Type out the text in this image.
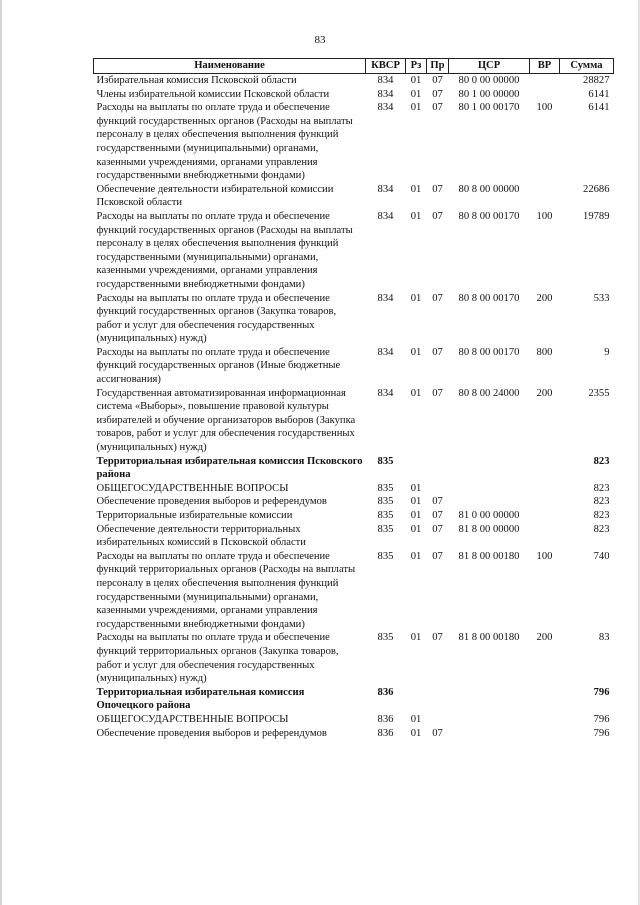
83
Наименование	КВСР	Рз	Пр	ЦСР	ВР	Сумма
Избирательная комиссия Псковской области	834	01	07	80 0 00 00000		28827
Члены избирательной комиссии Псковской области	834	01	07	80 1 00 00000		6141
Расходы на выплаты по оплате труда и обеспечение функций государственных органов (Расходы на выплаты персоналу в целях обеспечения выполнения функций государственными (муниципальными) органами, казенными учреждениями, органами управления государственными внебюджетными фондами)	834	01	07	80 1 00 00170	100	6141
Обеспечение деятельности избирательной комиссии Псковской области	834	01	07	80 8 00 00000		22686
Расходы на выплаты по оплате труда и обеспечение функций государственных органов (Расходы на выплаты персоналу в целях обеспечения выполнения функций государственными (муниципальными) органами, казенными учреждениями, органами управления государственными внебюджетными фондами)	834	01	07	80 8 00 00170	100	19789
Расходы на выплаты по оплате труда и обеспечение функций государственных органов (Закупка товаров, работ и услуг для обеспечения государственных (муниципальных) нужд)	834	01	07	80 8 00 00170	200	533
Расходы на выплаты по оплате труда и обеспечение функций государственных органов (Иные бюджетные ассигнования)	834	01	07	80 8 00 00170	800	9
Государственная автоматизированная информационная система «Выборы», повышение правовой культуры избирателей и обучение организаторов выборов (Закупка товаров, работ и услуг для обеспечения государственных (муниципальных) нужд)	834	01	07	80 8 00 24000	200	2355
Территориальная избирательная комиссия Псковского района	835					823
ОБЩЕГОСУДАРСТВЕННЫЕ ВОПРОСЫ	835	01				823
Обеспечение проведения выборов и референдумов	835	01	07			823
Территориальные избирательные комиссии	835	01	07	81 0 00 00000		823
Обеспечение деятельности территориальных избирательных комиссий в Псковской области	835	01	07	81 8 00 00000		823
Расходы на выплаты по оплате труда и обеспечение функций территориальных органов (Расходы на выплаты персоналу в целях обеспечения выполнения функций государственными (муниципальными) органами, казенными учреждениями, органами управления государственными внебюджетными фондами)	835	01	07	81 8 00 00180	100	740
Расходы на выплаты по оплате труда и обеспечение функций территориальных органов (Закупка товаров, работ и услуг для обеспечения государственных (муниципальных) нужд)	835	01	07	81 8 00 00180	200	83
Территориальная избирательная комиссия Опочецкого района	836					796
ОБЩЕГОСУДАРСТВЕННЫЕ ВОПРОСЫ	836	01				796
Обеспечение проведения выборов и референдумов	836	01	07			796
